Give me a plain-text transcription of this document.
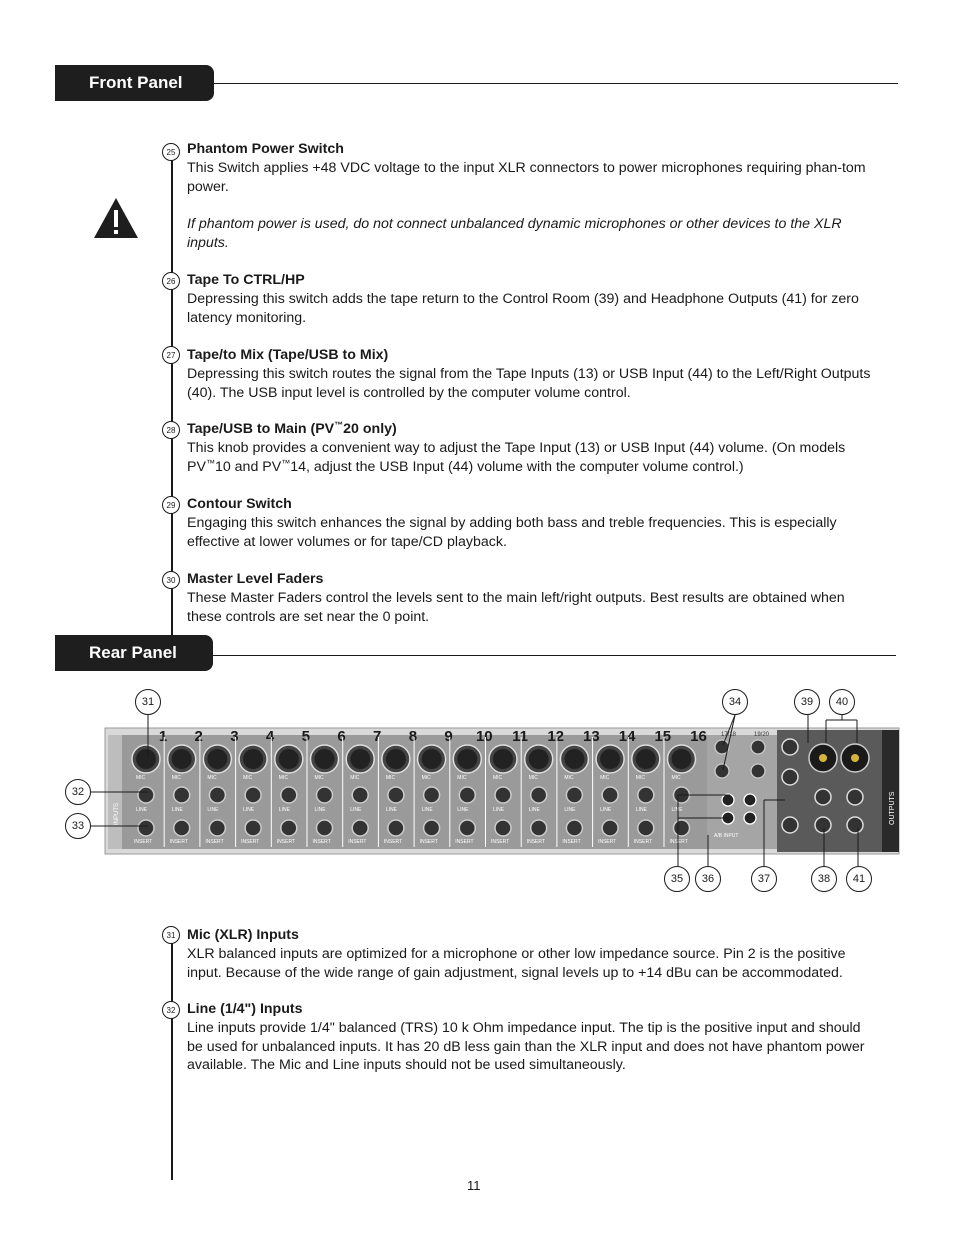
Front Panel
25 Phantom Power Switch
This Switch applies +48 VDC voltage to the input XLR connectors to power microphones requiring phan-tom power.
If phantom power is used, do not connect unbalanced dynamic microphones or other devices to the XLR inputs.
26 Tape To CTRL/HP
Depressing this switch adds the tape return to the Control Room (39) and Headphone Outputs (41) for zero latency monitoring.
27 Tape/to Mix (Tape/USB to Mix)
Depressing this switch routes the signal from the Tape Inputs (13) or USB Input (44) to the Left/Right Outputs (40). The USB input level is controlled by the computer volume control.
28 Tape/USB to Main (PV™20 only)
This knob provides a convenient way to adjust the Tape Input (13) or USB Input (44) volume. (On models PV™10 and PV™14, adjust the USB Input (44) volume with the computer volume control.)
29 Contour Switch
Engaging this switch enhances the signal by adding both bass and treble frequencies. This is especially effective at lower volumes or for tape/CD playback.
30 Master Level Faders
These Master Faders control the levels sent to the main left/right outputs. Best results are obtained when these controls are set near the 0 point.
Rear Panel
INPUTS
1
MIC
LINE
INSERT
2
MIC
LINE
INSERT
3
MIC
LINE
INSERT
4
MIC
LINE
INSERT
5
MIC
LINE
INSERT
6
MIC
LINE
INSERT
7
MIC
LINE
INSERT
8
MIC
LINE
INSERT
9
MIC
LINE
INSERT
10
MIC
LINE
INSERT
11
MIC
LINE
INSERT
12
MIC
LINE
INSERT
13
MIC
LINE
INSERT
14
MIC
LINE
INSERT
15
MIC
LINE
INSERT
16
MIC
LINE
INSERT
17/18	19/20
A/B INPUT
OUTPUTS
31
32
33
34
35	36	37	38
39	40
41
31 Mic (XLR) Inputs
XLR balanced inputs are optimized for a microphone or other low impedance source. Pin 2 is the positive input. Because of the wide range of gain adjustment, signal levels up to +14 dBu can be accommodated.
32 Line (1/4") Inputs
Line inputs provide 1/4" balanced (TRS) 10 k Ohm impedance input. The tip is the positive input and should be used for unbalanced inputs. It has 20 dB less gain than the XLR input and does not have phantom power available. The Mic and Line inputs should not be used simultaneously.
11
